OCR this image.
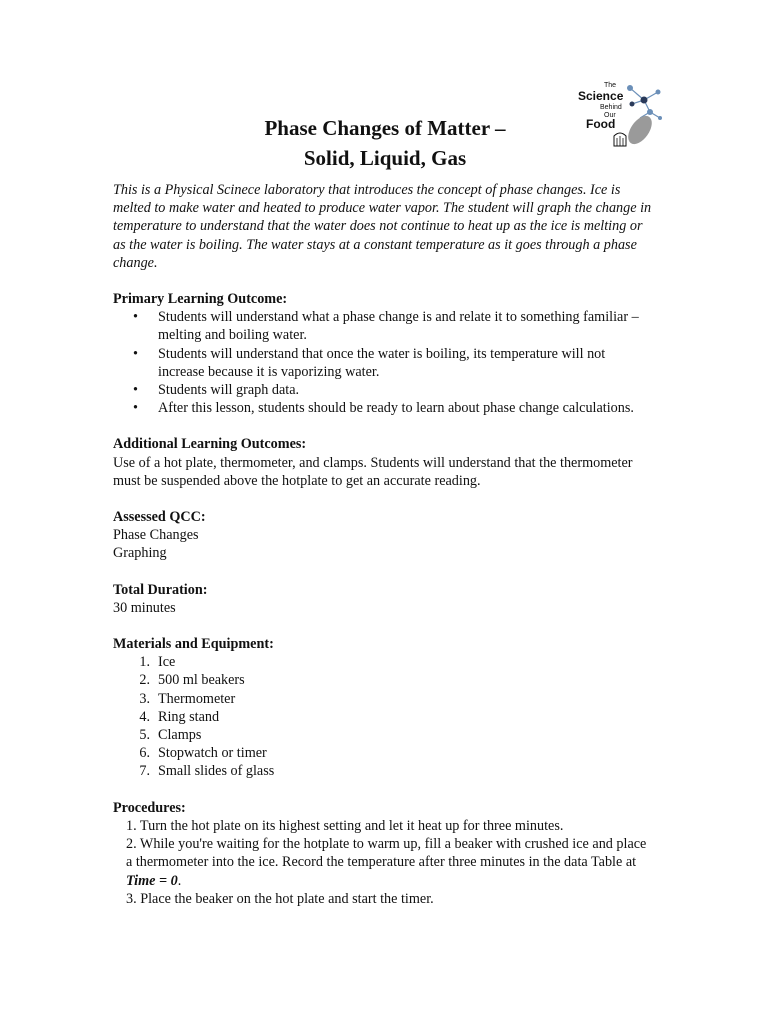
The
Science
Behind
Our
Food
Phase Changes of Matter –
Solid, Liquid, Gas

This is a Physical Scinece laboratory that introduces the concept of phase changes. Ice is melted to make water and heated to produce water vapor. The student will graph the change in temperature to understand that the water does not continue to heat up as the ice is melting or as the water is boiling. The water stays at a constant temperature as it goes through a phase change.

Primary Learning Outcome:
• Students will understand what a phase change is and relate it to something familiar – melting and boiling water.
• Students will understand that once the water is boiling, its temperature will not increase because it is vaporizing water.
• Students will graph data.
• After this lesson, students should be ready to learn about phase change calculations.
Additional Learning Outcomes:
Use of a hot plate, thermometer, and clamps. Students will understand that the thermometer must be suspended above the hotplate to get an accurate reading.
Assessed QCC:
Phase Changes
Graphing
Total Duration:
30 minutes
Materials and Equipment:
1. Ice
2. 500 ml beakers
3. Thermometer
4. Ring stand
5. Clamps
6. Stopwatch or timer
7. Small slides of glass
Procedures:
1. Turn the hot plate on its highest setting and let it heat up for three minutes.
2. While you're waiting for the hotplate to warm up, fill a beaker with crushed ice and place a thermometer into the ice. Record the temperature after three minutes in the data Table at Time = 0.
3. Place the beaker on the hot plate and start the timer.
